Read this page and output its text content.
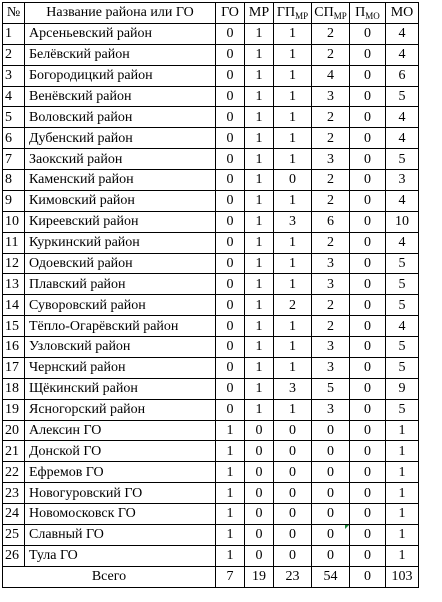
№	Название района или ГО	ГО	МР	$ГП_{МР}$	$СП_{МР}$	$П_{МО}$	МО
1	Арсеньевский район	0	1	1	2	0	4
2	Белёвский район	0	1	1	2	0	4
3	Богородицкий район	0	1	1	4	0	6
4	Венёвский район	0	1	1	3	0	5
5	Воловский район	0	1	1	2	0	4
6	Дубенский район	0	1	1	2	0	4
7	Заокский район	0	1	1	3	0	5
8	Каменский район	0	1	0	2	0	3
9	Кимовский район	0	1	1	2	0	4
10	Киреевский район	0	1	3	6	0	10
11	Куркинский район	0	1	1	2	0	4
12	Одоевский район	0	1	1	3	0	5
13	Плавский район	0	1	1	3	0	5
14	Суворовский район	0	1	2	2	0	5
15	Тёпло-Огарёвский район	0	1	1	2	0	4
16	Узловский район	0	1	1	3	0	5
17	Чернский район	0	1	1	3	0	5
18	Щёкинский район	0	1	3	5	0	9
19	Ясногорский район	0	1	1	3	0	5
20	Алексин ГО	1	0	0	0	0	1
21	Донской ГО	1	0	0	0	0	1
22	Ефремов ГО	1	0	0	0	0	1
23	Новогуровский ГО	1	0	0	0	0	1
24	Новомосковск ГО	1	0	0	0	0	1
25	Славный ГО	1	0	0	0	0	1
26	Тула ГО	1	0	0	0	0	1
Всего		7	19	23	54	0	103
